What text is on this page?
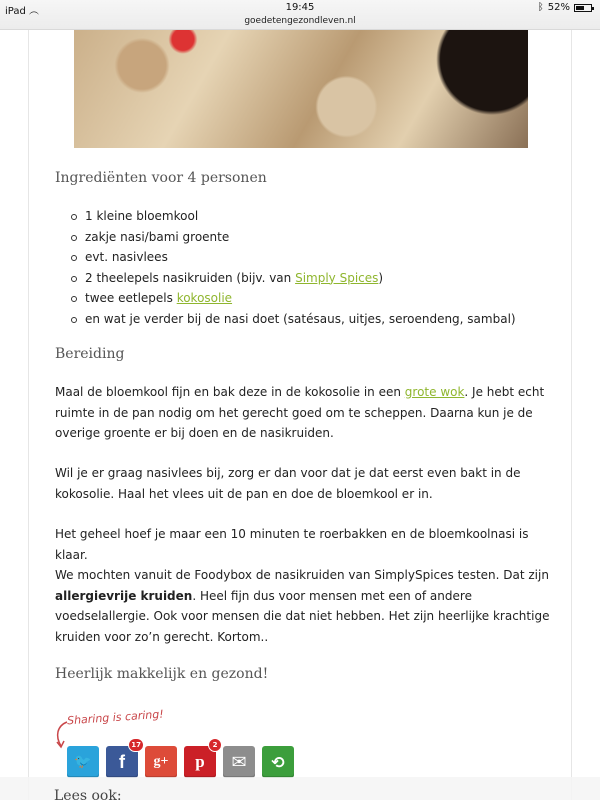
iPad ︵	19:45
goedetengezondleven.nl
ᛒ 52%
Ingrediënten voor 4 personen
1 kleine bloemkool
zakje nasi/bami groente
evt. nasivlees
2 theelepels nasikruiden (bijv. van Simply Spices)
twee eetlepels kokosolie
en wat je verder bij de nasi doet (satésaus, uitjes, seroendeng, sambal)
Bereiding

Maal de bloemkool fijn en bak deze in de kokosolie in een grote wok. Je hebt echt ruimte in de pan nodig om het gerecht goed om te scheppen. Daarna kun je de overige groente er bij doen en de nasikruiden.

Wil je er graag nasivlees bij, zorg er dan voor dat je dat eerst even bakt in de kokosolie. Haal het vlees uit de pan en doe de bloemkool er in.

Het geheel hoef je maar een 10 minuten te roerbakken en de bloemkoolnasi is klaar.

We mochten vanuit de Foodybox de nasikruiden van SimplySpices testen. Dat zijn allergievrije kruiden. Heel fijn dus voor mensen met een of andere voedselallergie. Ook voor mensen die dat niet hebben. Het zijn heerlijke krachtige kruiden voor zo’n gerecht. Kortom..

Heerlijk makkelijk en gezond!
Sharing is caring!
🐦 f
17
g+ p
2
✉ ⟲
Lees ook:
